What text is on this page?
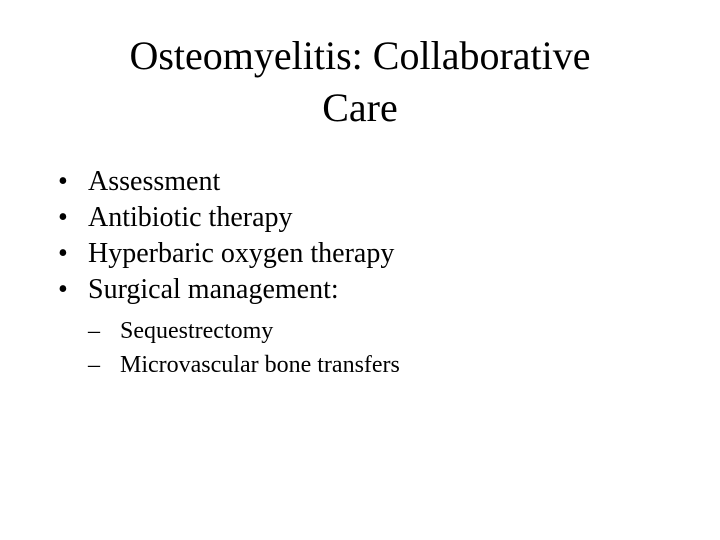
Osteomyelitis: Collaborative
Care
• Assessment
• Antibiotic therapy
• Hyperbaric oxygen therapy
• Surgical management:
– Sequestrectomy
– Microvascular bone transfers
